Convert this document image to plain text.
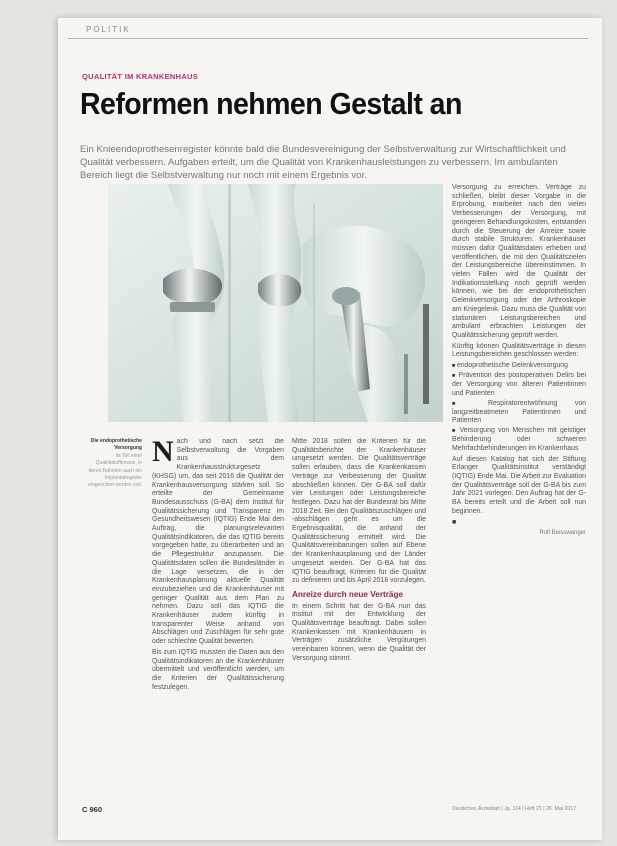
POLITIK
QUALITÄT IM KRANKENHAUS
Reformen nehmen Gestalt an
Ein Knieendoprothesenregister könnte bald die Bundesvereinigung der Selbstverwaltung zur Wirtschaftlichkeit und Qualität verbessern. Aufgaben erteilt, um die Qualität von Krankenhausleistungen zu verbessern. Im ambulanten Bereich liegt die Selbstverwaltung nur noch mit einem Ergebnis vor.
Die endoprothetische Versorgung
ist Teil einer Qualitätsoffensive, in deren Rahmen auch ein Implantatregister eingerichtet werden soll.

Nach und nach setzt die Selbstverwaltung die Vorgaben aus dem Krankenhausstrukturgesetz (KHSG) um, das seit 2016 die Qualität der Krankenhausversorgung stärken soll. So erteilte der Gemeinsame Bundesausschuss (G-BA) dem Institut für Qualitätssicherung und Transparenz im Gesundheitswesen (IQTIG) Ende Mai den Auftrag, die planungsrelevanten Qualitätsindikatoren, die das IQTIG bereits vorgegeben hatte, zu überarbeiten und an die Pflegestruktur anzupassen. Die Qualitätsdaten sollen die Bundesländer in die Lage versetzen, die in der Krankenhausplanung aktuelle Qualität einzubeziehen und die Krankenhäuser mit geringer Qualität aus dem Plan zu nehmen. Dazu soll das IQTIG die Krankenhäuser zudem künftig in transparenter Weise anhand von Abschlägen und Zuschlägen für sehr gute oder schlechte Qualität bewerten.

Bis zum IQTIG mussten die Daten aus den Qualitätsindikatoren an die Krankenhäuser übermittelt und veröffentlicht werden, um die Kriterien der Qualitätssicherung festzulegen.

Mitte 2018 sollen die Kriterien für die Qualitätsberichte der Krankenhäuser umgesetzt werden. Die Qualitätsverträge sollen erlauben, dass die Krankenkassen Verträge zur Verbesserung der Qualität abschließen können. Der G-BA soll dafür vier Leistungen oder Leistungsbereiche festlegen. Dazu hat der Bundesrat bis Mitte 2018 Zeit. Bei den Qualitätszuschlägen und -abschlägen geht es um die Ergebnisqualität, die anhand der Qualitätssicherung ermittelt wird. Die Qualitätsvereinbarungen sollen auf Ebene der Krankenhausplanung und der Länder umgesetzt werden. Der G-BA hat das IQTIG beauftragt, Kriterien für die Qualität zu definieren und bis April 2018 vorzulegen.

Anreize durch neue Verträge

In einem Schritt hat der G-BA nun das Institut mit der Entwicklung der Qualitätsverträge beauftragt. Dabei sollen Krankenkassen mit Krankenhäusern in Verträgen zusätzliche Vergütungen vereinbaren können, wenn die Qualität der Versorgung stimmt.

Versorgung zu erreichen. Verträge zu schließen, bleibt dieser Vorgabe in die Erprobung, erarbeitet nach den vielen Verbesserungen der Versorgung, mit geringeren Behandlungskosten, entstanden durch die Steuerung der Anreize sowie durch stabile Strukturen. Krankenhäuser müssen dafür Qualitätsdaten erheben und veröffentlichen, die mit den Qualitätszielen der Leistungsbereiche übereinstimmen. In vielen Fällen wird die Qualität der Indikationsstellung noch geprüft werden können, wie bei der endoprothetischen Gelenkversorgung oder der Arthroskopie am Kniegelenk. Dazu muss die Qualität von stationären Leistungsbereichen und ambulant erbrachten Leistungen der Qualitätssicherung geprüft werden.

Künftig können Qualitätsverträge in diesen Leistungsbereichen geschlossen werden:

■ endoprothetische Gelenkversorgung
■ Prävention des postoperativen Delirs bei der Versorgung von älteren Patientinnen und Patienten
■ Respiratorentwöhnung von langzeitbeatmeten Patientinnen und Patienten
■ Versorgung von Menschen mit geistiger Behinderung oder schweren Mehrfachbehinderungen im Krankenhaus

Auf diesen Katalog hat sich der Stiftung Erlanger Qualitätsinstitut verständigt (IQTIG) Ende Mai. Die Arbeit zur Evaluation der Qualitätsverträge soll der G-BA bis zum Jahr 2021 vorlegen. Den Auftrag hat der G-BA bereits erteilt und die Arbeit soll nun beginnen.

■

Rolf Beisswanger

C 960	Deutsches Ärzteblatt | Jg. 114 | Heft 21 | 26. Mai 2017
